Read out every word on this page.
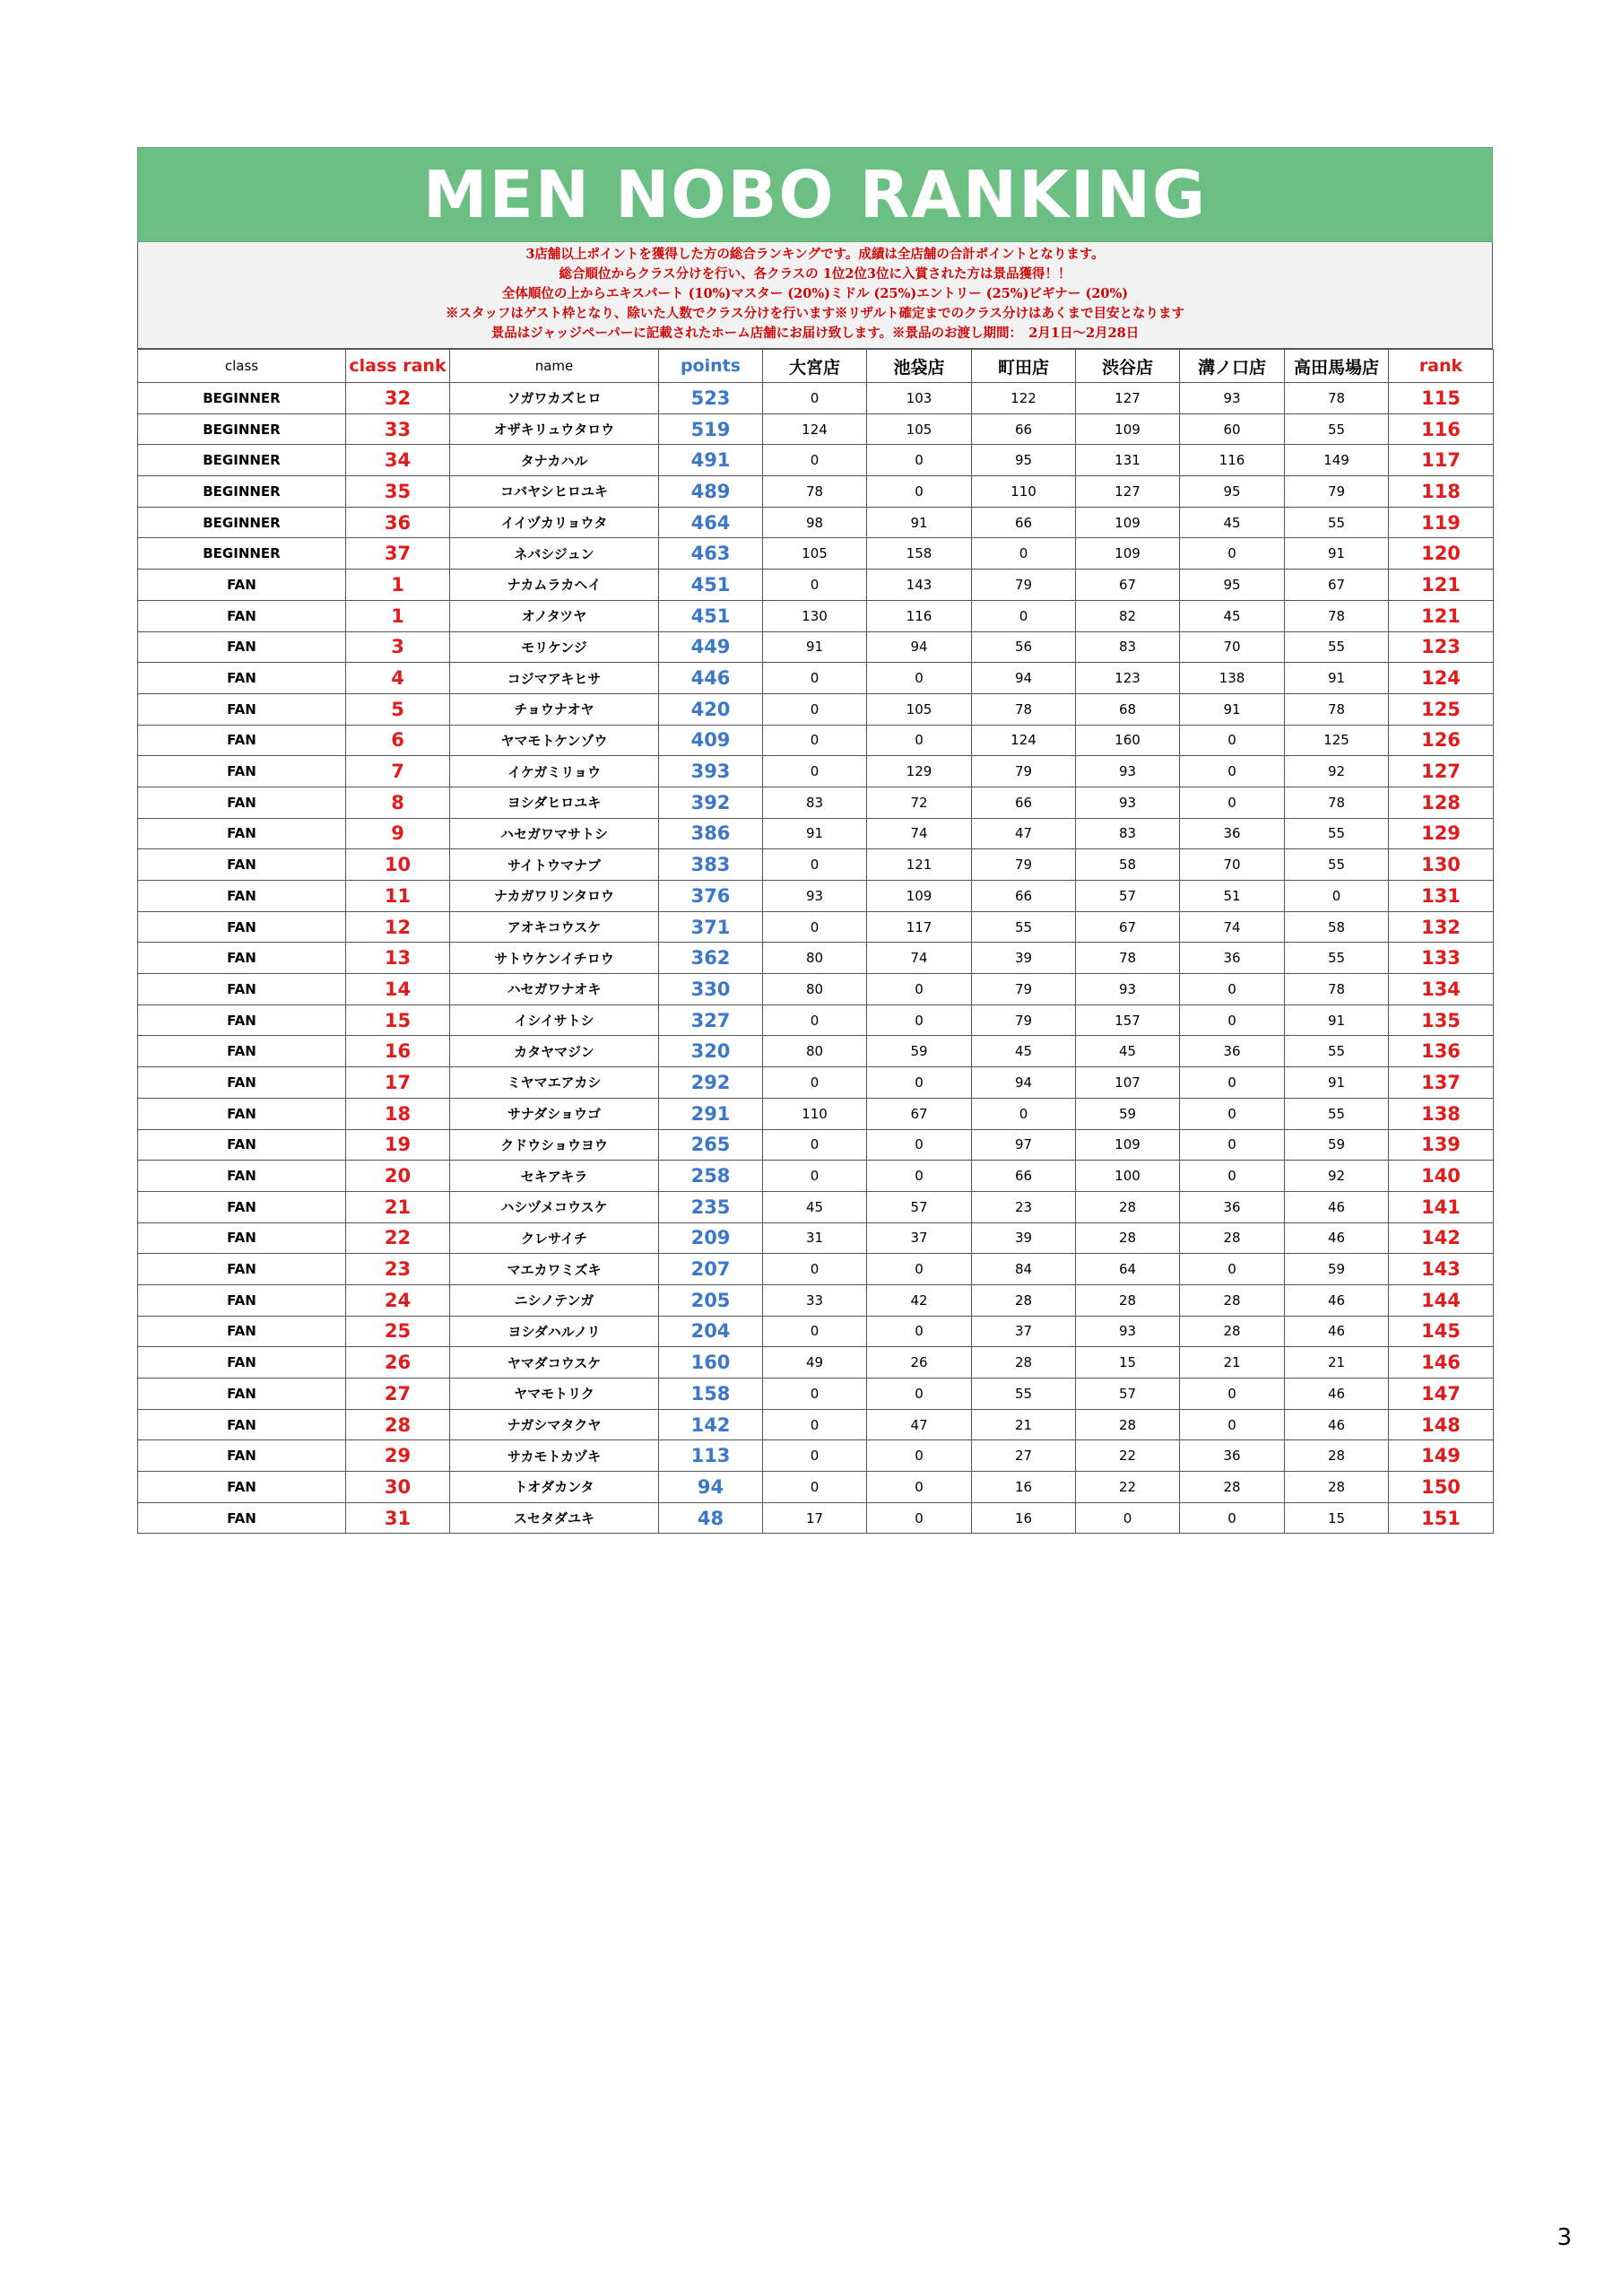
MEN NOBO RANKING
3店舗以上ポイントを獲得した方の総合ランキングです。成績は全店舗の合計ポイントとなります。
総合順位からクラス分けを行い、各クラスの 1位2位3位に入賞された方は景品獲得！！
全体順位の上からエキスパート (10%)マスター (20%)ミドル (25%)エントリー (25%)ビギナー (20%)
※スタッフはゲスト枠となり、除いた人数でクラス分けを行います※リザルト確定までのクラス分けはあくまで目安となります
景品はジャッジペーパーに記載されたホーム店舗にお届け致します。※景品のお渡し期間：　2月1日～2月28日
class	class rank	name	points	大宮店	池袋店	町田店	渋谷店	溝ノ口店	高田馬場店	rank
BEGINNER	32	ソガワカズヒロ	523	0	103	122	127	93	78	115
BEGINNER	33	オザキリュウタロウ	519	124	105	66	109	60	55	116
BEGINNER	34	タナカハル	491	0	0	95	131	116	149	117
BEGINNER	35	コバヤシヒロユキ	489	78	0	110	127	95	79	118
BEGINNER	36	イイヅカリョウタ	464	98	91	66	109	45	55	119
BEGINNER	37	ネバシジュン	463	105	158	0	109	0	91	120
FAN	1	ナカムラカヘイ	451	0	143	79	67	95	67	121
FAN	1	オノタツヤ	451	130	116	0	82	45	78	121
FAN	3	モリケンジ	449	91	94	56	83	70	55	123
FAN	4	コジマアキヒサ	446	0	0	94	123	138	91	124
FAN	5	チョウナオヤ	420	0	105	78	68	91	78	125
FAN	6	ヤマモトケンゾウ	409	0	0	124	160	0	125	126
FAN	7	イケガミリョウ	393	0	129	79	93	0	92	127
FAN	8	ヨシダヒロユキ	392	83	72	66	93	0	78	128
FAN	9	ハセガワマサトシ	386	91	74	47	83	36	55	129
FAN	10	サイトウマナブ	383	0	121	79	58	70	55	130
FAN	11	ナカガワリンタロウ	376	93	109	66	57	51	0	131
FAN	12	アオキコウスケ	371	0	117	55	67	74	58	132
FAN	13	サトウケンイチロウ	362	80	74	39	78	36	55	133
FAN	14	ハセガワナオキ	330	80	0	79	93	0	78	134
FAN	15	イシイサトシ	327	0	0	79	157	0	91	135
FAN	16	カタヤマジン	320	80	59	45	45	36	55	136
FAN	17	ミヤマエアカシ	292	0	0	94	107	0	91	137
FAN	18	サナダショウゴ	291	110	67	0	59	0	55	138
FAN	19	クドウショウヨウ	265	0	0	97	109	0	59	139
FAN	20	セキアキラ	258	0	0	66	100	0	92	140
FAN	21	ハシヅメコウスケ	235	45	57	23	28	36	46	141
FAN	22	クレサイチ	209	31	37	39	28	28	46	142
FAN	23	マエカワミズキ	207	0	0	84	64	0	59	143
FAN	24	ニシノテンガ	205	33	42	28	28	28	46	144
FAN	25	ヨシダハルノリ	204	0	0	37	93	28	46	145
FAN	26	ヤマダコウスケ	160	49	26	28	15	21	21	146
FAN	27	ヤマモトリク	158	0	0	55	57	0	46	147
FAN	28	ナガシマタクヤ	142	0	47	21	28	0	46	148
FAN	29	サカモトカヅキ	113	0	0	27	22	36	28	149
FAN	30	トオダカンタ	94	0	0	16	22	28	28	150
FAN	31	スセタダユキ	48	17	0	16	0	0	15	151
3
